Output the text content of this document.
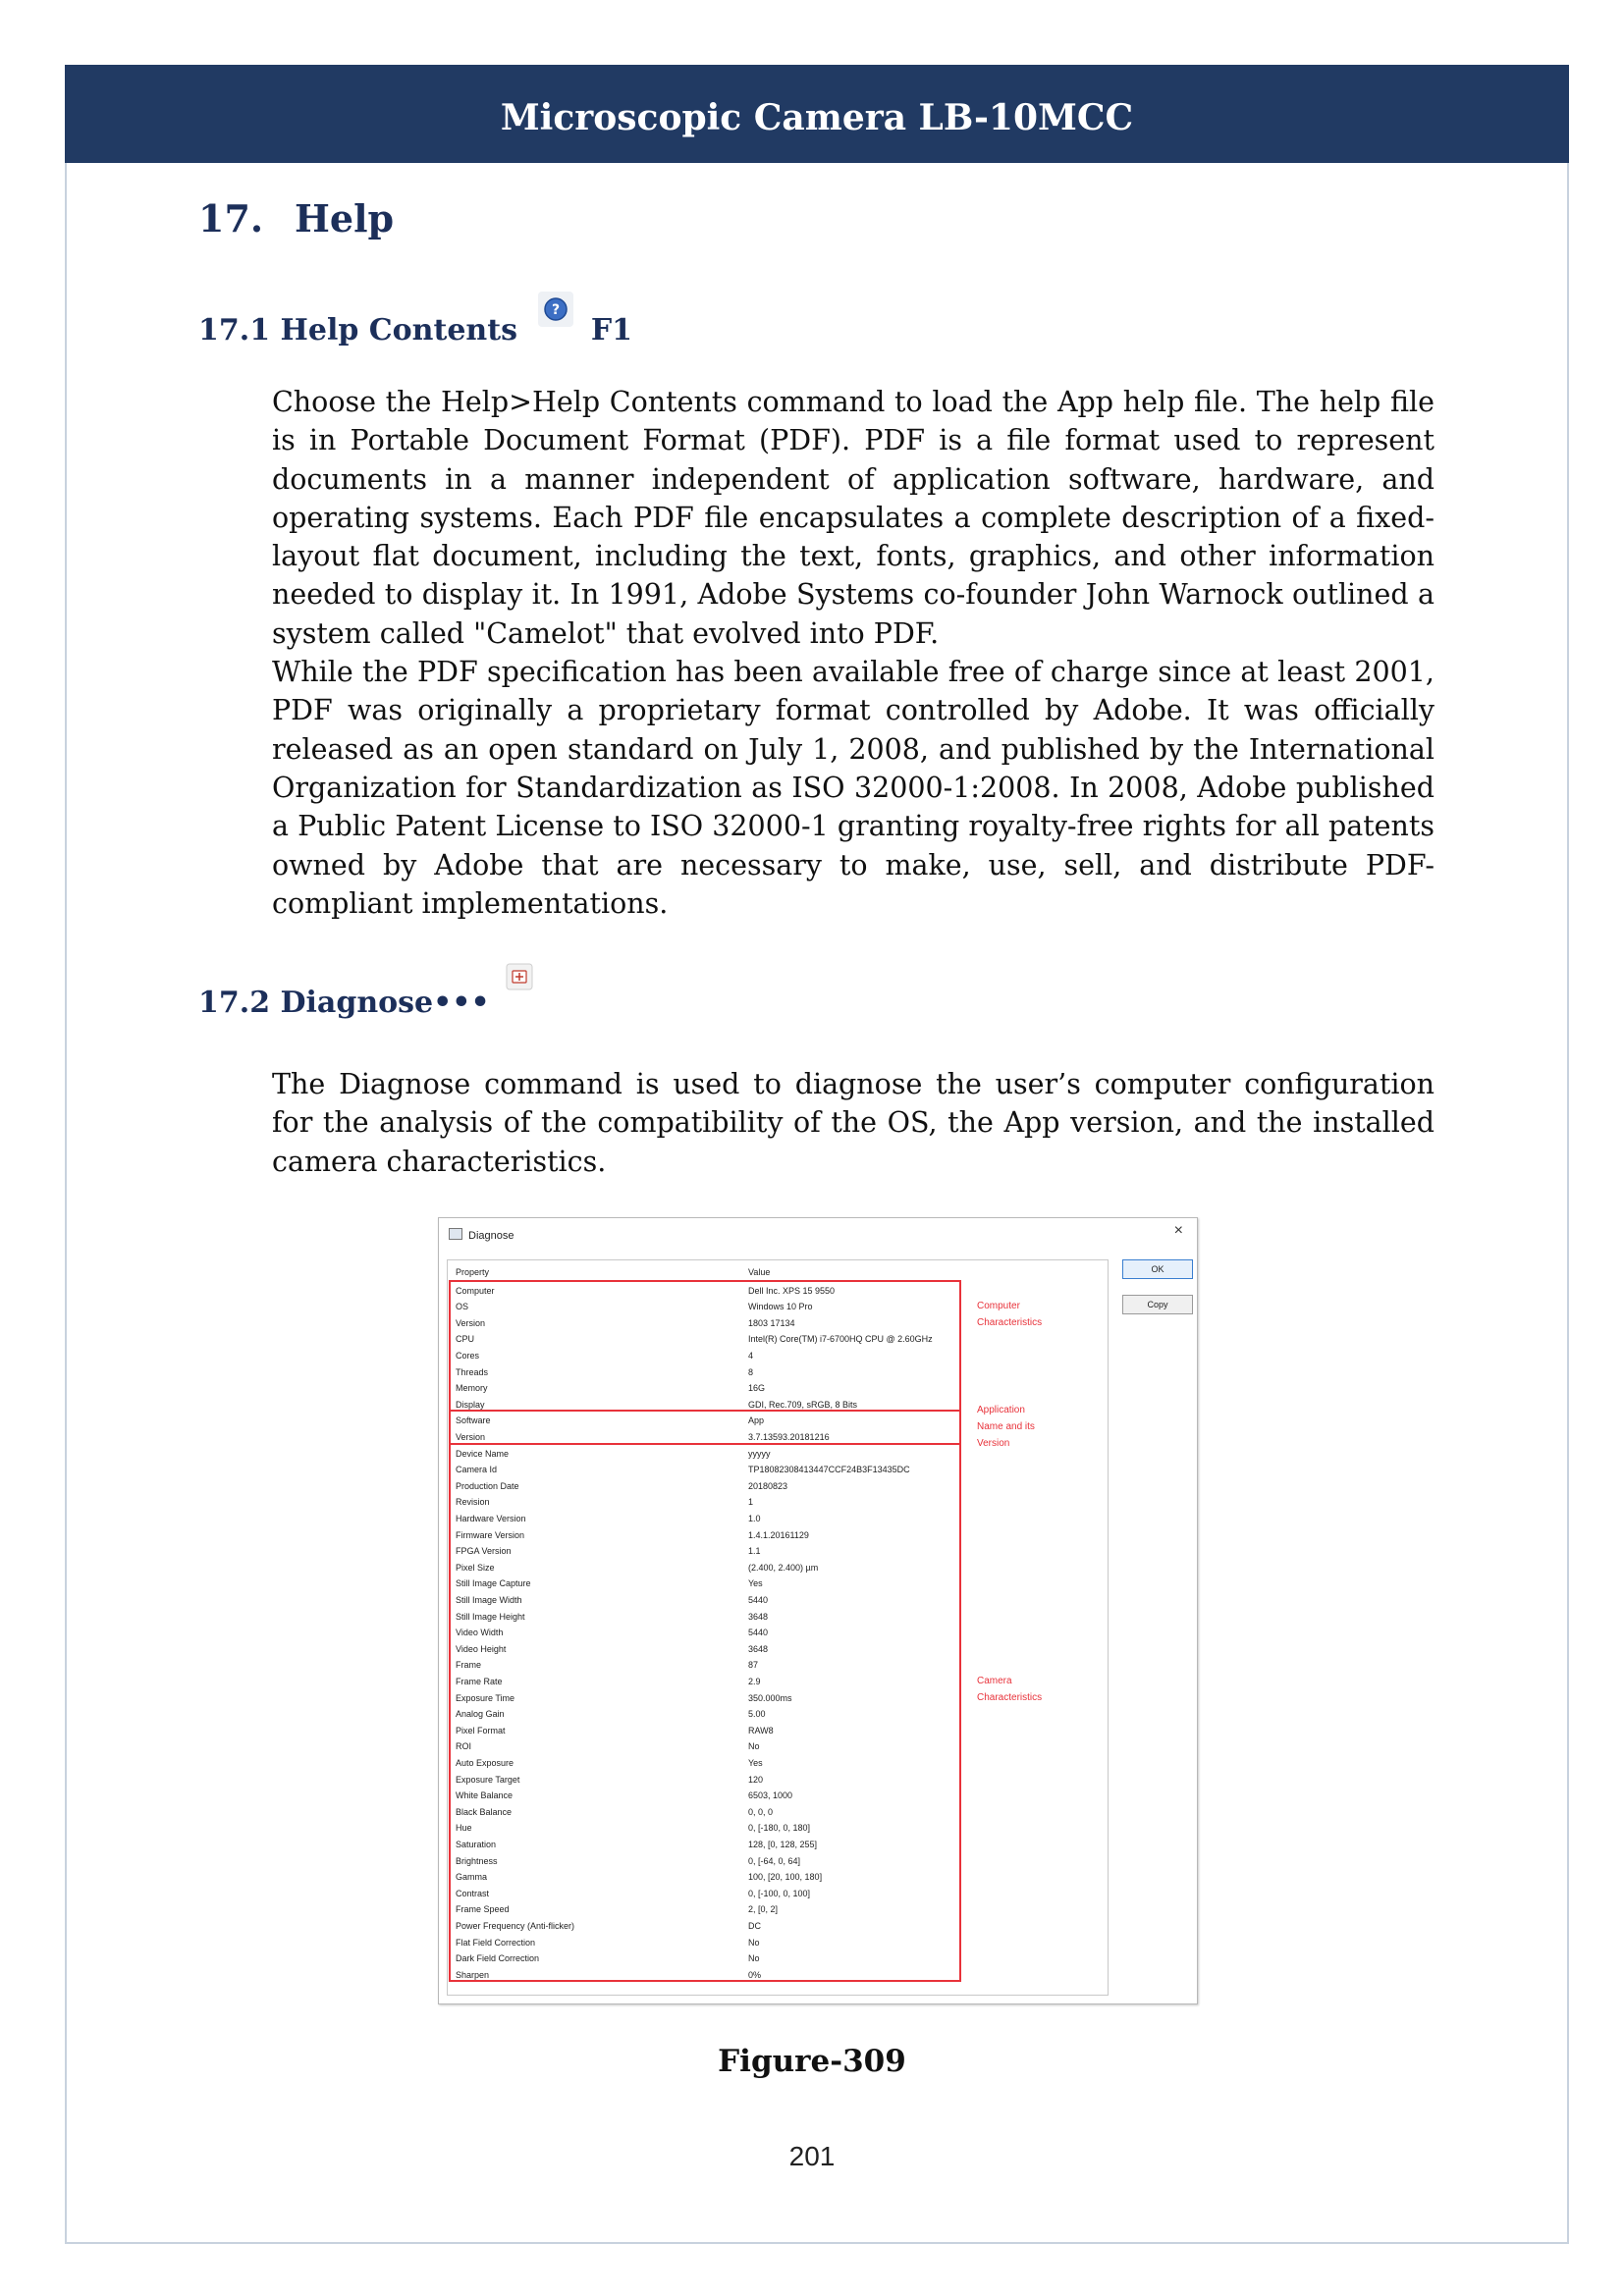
Microscopic Camera LB-10MCC
17. Help
17.1 Help Contents
?
F1

Choose the Help>Help Contents command to load the App help file. The help file is in Portable Document Format (PDF). PDF is a file format used to represent documents in a manner independent of application software, hardware, and operating systems. Each PDF file encapsulates a complete description of a fixed-layout flat document, including the text, fonts, graphics, and other information needed to display it. In 1991, Adobe Systems co-founder John Warnock outlined a system called "Camelot" that evolved into PDF.

While the PDF specification has been available free of charge since at least 2001, PDF was originally a proprietary format controlled by Adobe. It was officially released as an open standard on July 1, 2008, and published by the International Organization for Standardization as ISO 32000-1:2008. In 2008, Adobe published a Public Patent License to ISO 32000-1 granting royalty-free rights for all patents owned by Adobe that are necessary to make, use, sell, and distribute PDF-compliant implementations.

17.2 Diagnose•••

The Diagnose command is used to diagnose the user’s computer configuration for the analysis of the compatibility of the OS, the App version, and the installed camera characteristics.

Diagnose	×
Property	Value
Computer	Dell Inc. XPS 15 9550
OS	Windows 10 Pro
Version	1803 17134
CPU	Intel(R) Core(TM) i7-6700HQ CPU @ 2.60GHz
Cores	4
Threads	8
Memory	16G
Display	GDI, Rec.709, sRGB, 8 Bits
Software	App
Version	3.7.13593.20181216
Device Name	yyyyy
Camera Id	TP18082308413447CCF24B3F13435DC
Production Date	20180823
Revision	1
Hardware Version	1.0
Firmware Version	1.4.1.20161129
FPGA Version	1.1
Pixel Size	(2.400, 2.400) µm
Still Image Capture	Yes
Still Image Width	5440
Still Image Height	3648
Video Width	5440
Video Height	3648
Frame	87
Frame Rate	2.9
Exposure Time	350.000ms
Analog Gain	5.00
Pixel Format	RAW8
ROI	No
Auto Exposure	Yes
Exposure Target	120
White Balance	6503, 1000
Black Balance	0, 0, 0
Hue	0, [-180, 0, 180]
Saturation	128, [0, 128, 255]
Brightness	0, [-64, 0, 64]
Gamma	100, [20, 100, 180]
Contrast	0, [-100, 0, 100]
Frame Speed	2, [0, 2]
Power Frequency (Anti-flicker)	DC
Flat Field Correction	No
Dark Field Correction	No
Sharpen	0%
OK
Copy
Computer
Characteristics
Application
Name and its
Version
Camera
Characteristics
Figure-309
201
